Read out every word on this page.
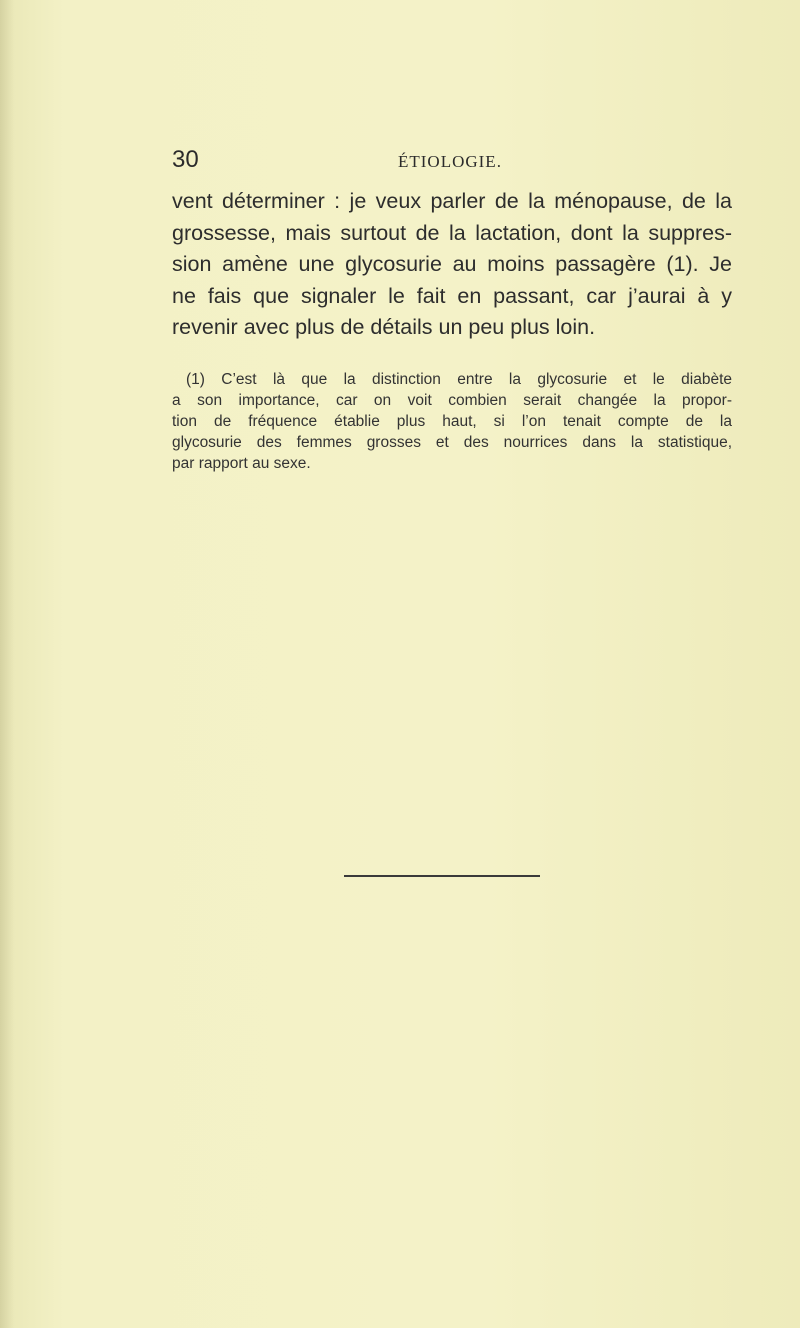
30	ÉTIOLOGIE.
vent déterminer : je veux parler de la ménopause, de la
grossesse, mais surtout de la lactation, dont la suppres-
sion amène une glycosurie au moins passagère (1). Je
ne fais que signaler le fait en passant, car j’aurai à y
revenir avec plus de détails un peu plus loin.
(1) C’est là que la distinction entre la glycosurie et le diabète
a son importance, car on voit combien serait changée la propor-
tion de fréquence établie plus haut, si l’on tenait compte de la
glycosurie des femmes grosses et des nourrices dans la statistique,
par rapport au sexe.
